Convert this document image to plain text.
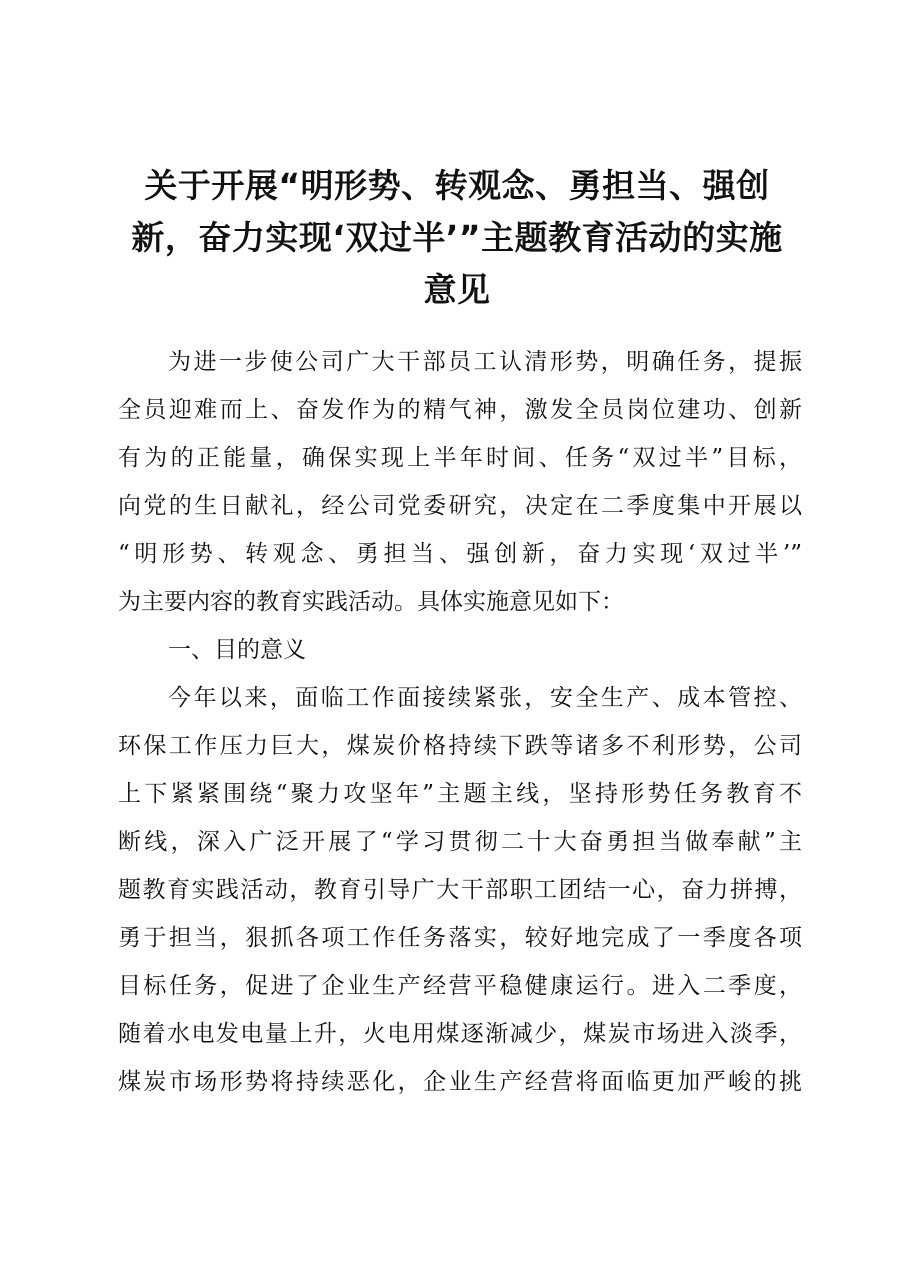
关于开展“明形势、转观念、勇担当、强创新，奋力实现‘双过半’”主题教育活动的实施意见
为进一步使公司广大干部员工认清形势，明确任务，提振
全员迎难而上、奋发作为的精气神，激发全员岗位建功、创新
有为的正能量，确保实现上半年时间、任务“双过半”目标，
向党的生日献礼，经公司党委研究，决定在二季度集中开展以
“明形势、转观念、勇担当、强创新，奋力实现‘双过半’”
为主要内容的教育实践活动。具体实施意见如下：
一、目的意义
今年以来，面临工作面接续紧张，安全生产、成本管控、
环保工作压力巨大，煤炭价格持续下跌等诸多不利形势，公司
上下紧紧围绕“聚力攻坚年”主题主线，坚持形势任务教育不
断线，深入广泛开展了“学习贯彻二十大奋勇担当做奉献”主
题教育实践活动，教育引导广大干部职工团结一心，奋力拼搏，
勇于担当，狠抓各项工作任务落实，较好地完成了一季度各项
目标任务，促进了企业生产经营平稳健康运行。进入二季度，
随着水电发电量上升，火电用煤逐渐减少，煤炭市场进入淡季，
煤炭市场形势将持续恶化，企业生产经营将面临更加严峻的挑
